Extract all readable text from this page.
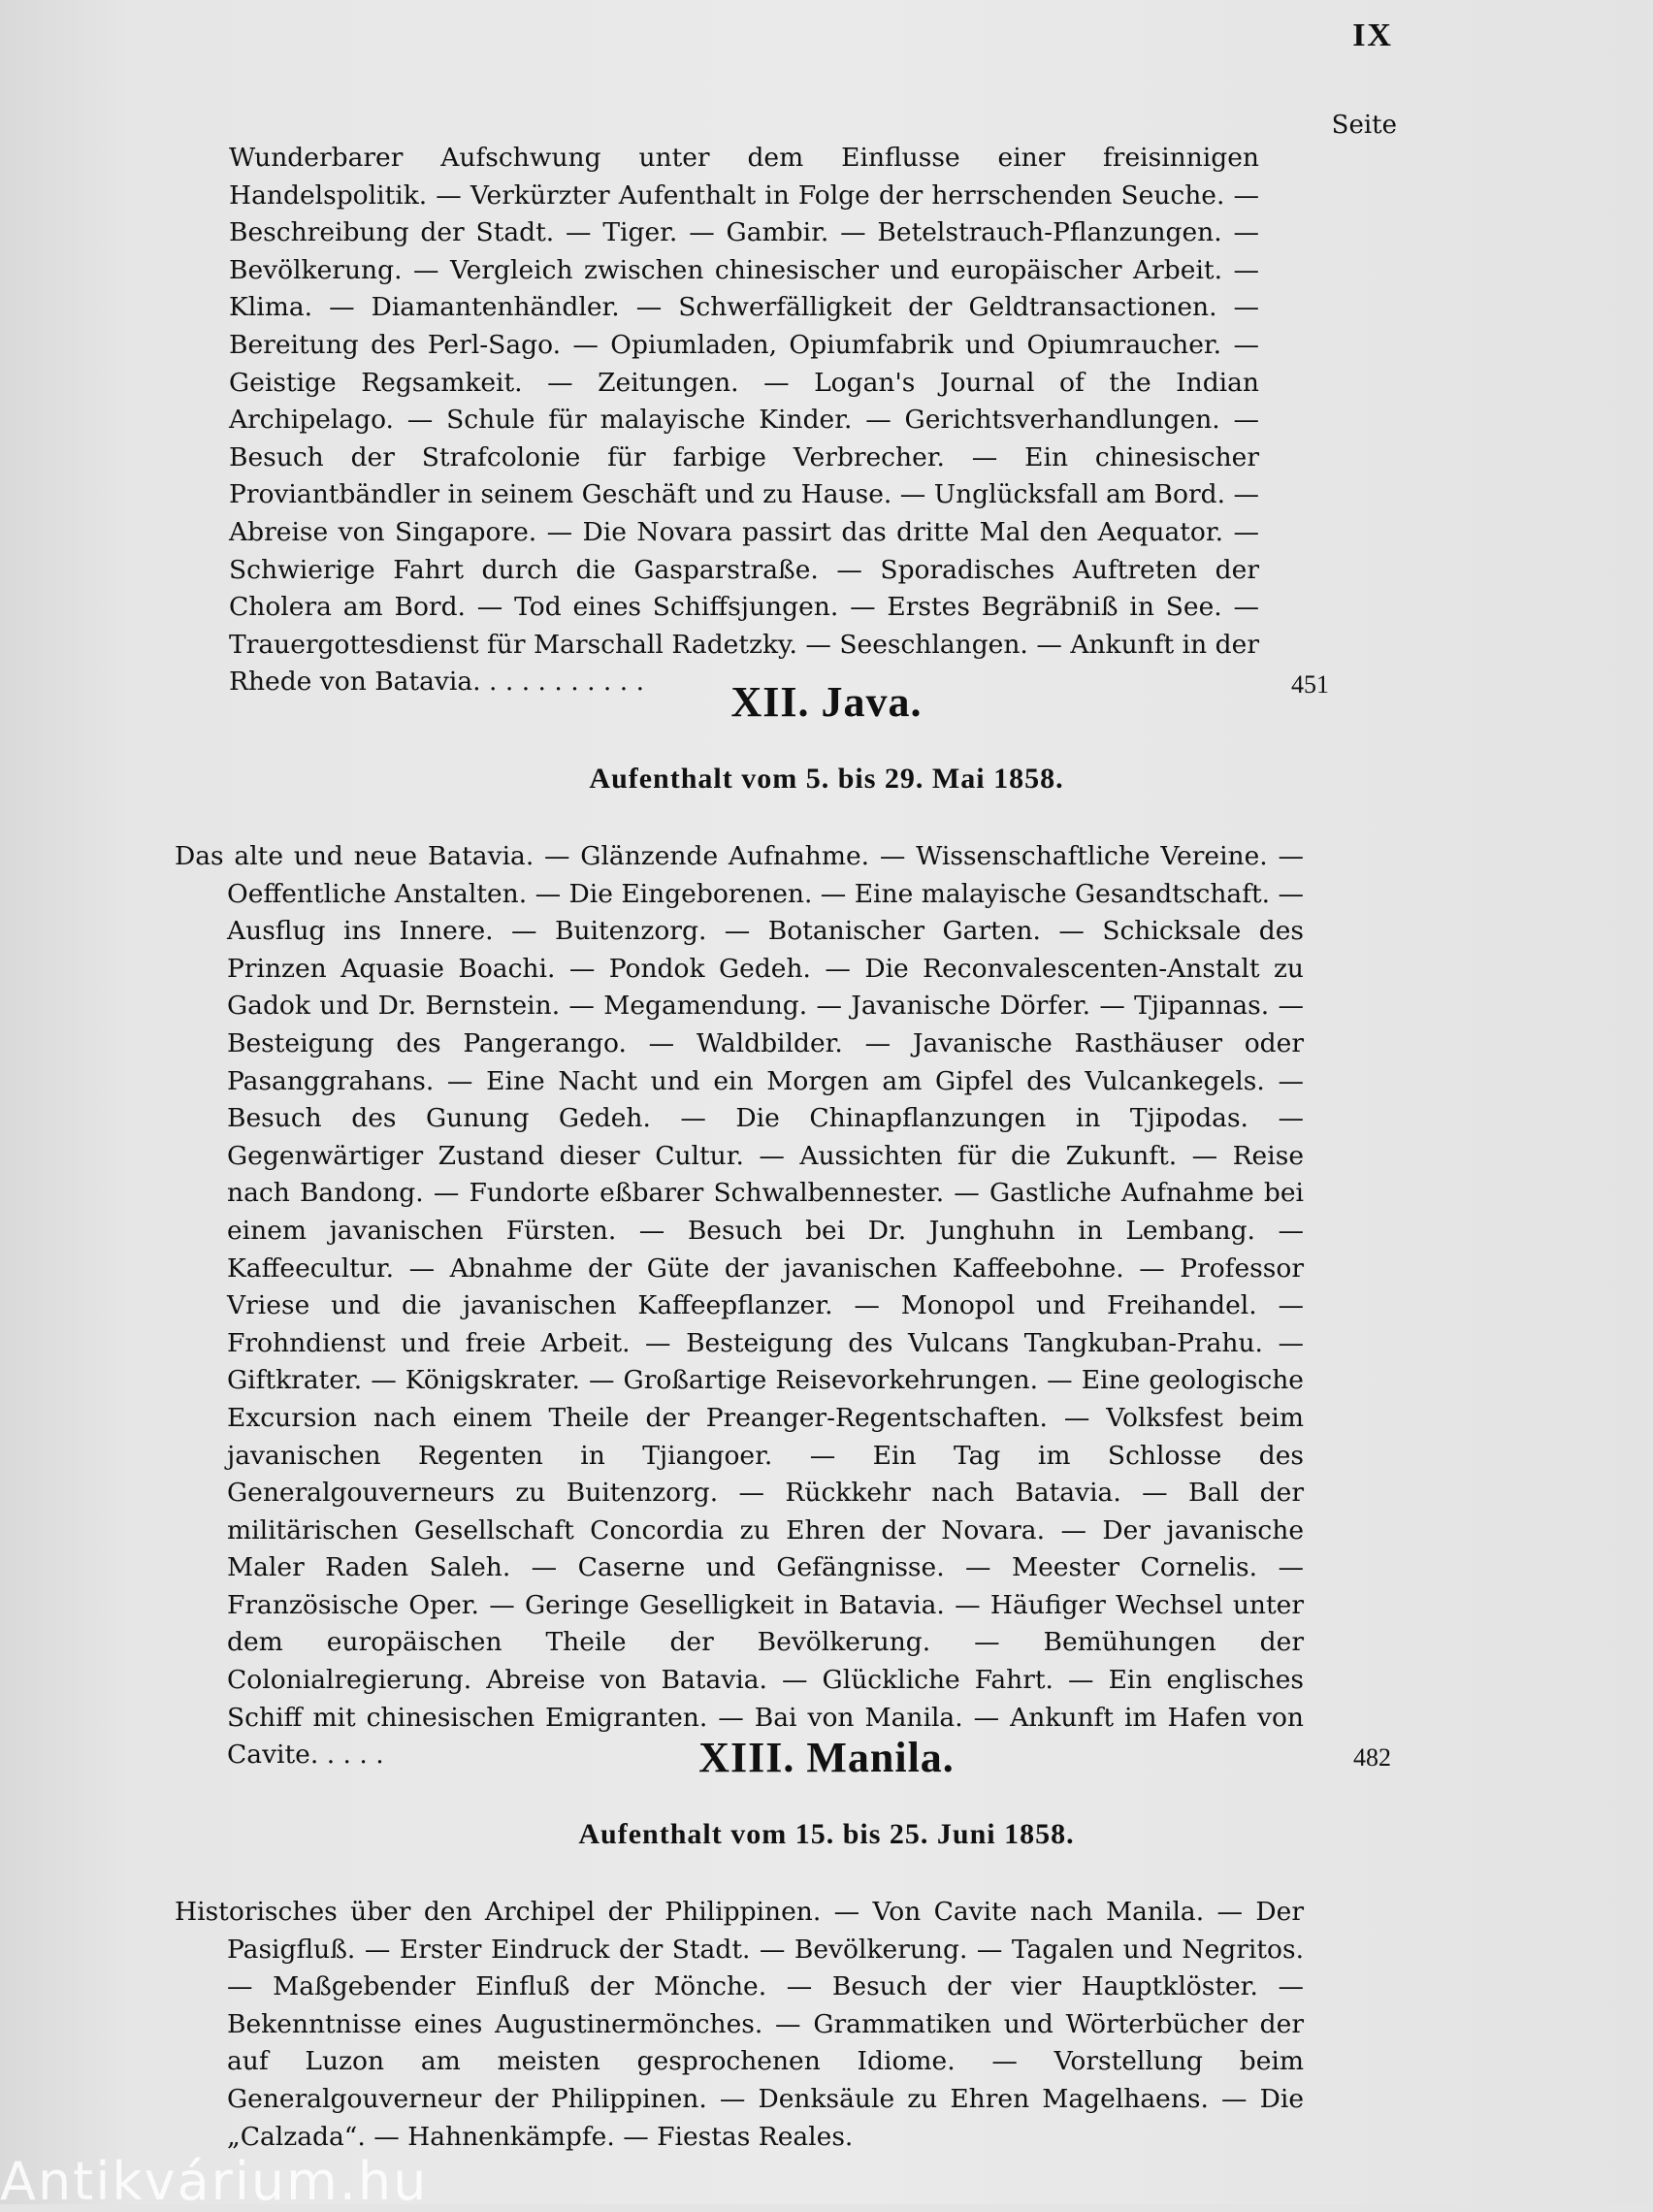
IX
Seite

Wunderbarer Aufschwung unter dem Einflusse einer freisinnigen Handelspolitik. — Verkürzter Aufenthalt in Folge der herrschenden Seuche. — Beschreibung der Stadt. — Tiger. — Gambir. — Betelstrauch-Pflanzungen. — Bevölkerung. — Vergleich zwischen chinesischer und europäischer Arbeit. — Klima. — Diamantenhändler. — Schwerfälligkeit der Geldtransactionen. — Bereitung des Perl-Sago. — Opiumladen, Opiumfabrik und Opiumraucher. — Geistige Regsamkeit. — Zeitungen. — Logan's Journal of the Indian Archipelago. — Schule für malayische Kinder. — Gerichtsverhandlungen. — Besuch der Strafcolonie für farbige Verbrecher. — Ein chinesischer Proviantbändler in seinem Geschäft und zu Hause. — Unglücksfall am Bord. — Abreise von Singapore. — Die Novara passirt das dritte Mal den Aequator. — Schwierige Fahrt durch die Gasparstraße. — Sporadisches Auftreten der Cholera am Bord. — Tod eines Schiffsjungen. — Erstes Begräbniß in See. — Trauergottesdienst für Marschall Radetzky. — Seeschlangen. — Ankunft in der Rhede von Batavia. . . . . . . . . . .	451
XII. Java.
Aufenthalt vom 5. bis 29. Mai 1858.

Das alte und neue Batavia. — Glänzende Aufnahme. — Wissenschaftliche Vereine. — Oeffentliche Anstalten. — Die Eingeborenen. — Eine malayische Gesandtschaft. — Ausflug ins Innere. — Buitenzorg. — Botanischer Garten. — Schicksale des Prinzen Aquasie Boachi. — Pondok Gedeh. — Die Reconvalescenten-Anstalt zu Gadok und Dr. Bernstein. — Megamendung. — Javanische Dörfer. — Tjipannas. — Besteigung des Pangerango. — Waldbilder. — Javanische Rasthäuser oder Pasanggrahans. — Eine Nacht und ein Morgen am Gipfel des Vulcankegels. — Besuch des Gunung Gedeh. — Die Chinapflanzungen in Tjipodas. — Gegenwärtiger Zustand dieser Cultur. — Aussichten für die Zukunft. — Reise nach Bandong. — Fundorte eßbarer Schwalbennester. — Gastliche Aufnahme bei einem javanischen Fürsten. — Besuch bei Dr. Junghuhn in Lembang. — Kaffeecultur. — Abnahme der Güte der javanischen Kaffeebohne. — Professor Vriese und die javanischen Kaffeepflanzer. — Monopol und Freihandel. — Frohndienst und freie Arbeit. — Besteigung des Vulcans Tangkuban-Prahu. — Giftkrater. — Königskrater. — Großartige Reisevorkehrungen. — Eine geologische Excursion nach einem Theile der Preanger-Regentschaften. — Volksfest beim javanischen Regenten in Tjiangoer. — Ein Tag im Schlosse des Generalgouverneurs zu Buitenzorg. — Rückkehr nach Batavia. — Ball der militärischen Gesellschaft Concordia zu Ehren der Novara. — Der javanische Maler Raden Saleh. — Caserne und Gefängnisse. — Meester Cornelis. — Französische Oper. — Geringe Geselligkeit in Batavia. — Häufiger Wechsel unter dem europäischen Theile der Bevölkerung. — Bemühungen der Colonialregierung. Abreise von Batavia. — Glückliche Fahrt. — Ein englisches Schiff mit chinesischen Emigranten. — Bai von Manila. — Ankunft im Hafen von Cavite. . . . .	482
XIII. Manila.
Aufenthalt vom 15. bis 25. Juni 1858.

Historisches über den Archipel der Philippinen. — Von Cavite nach Manila. — Der Pasigfluß. — Erster Eindruck der Stadt. — Bevölkerung. — Tagalen und Negritos. — Maßgebender Einfluß der Mönche. — Besuch der vier Hauptklöster. — Bekenntnisse eines Augustinermönches. — Grammatiken und Wörterbücher der auf Luzon am meisten gesprochenen Idiome. — Vorstellung beim Generalgouverneur der Philippinen. — Denksäule zu Ehren Magelhaens. — Die „Calzada“. — Hahnenkämpfe. — Fiestas Reales.

Antikvárium.hu
